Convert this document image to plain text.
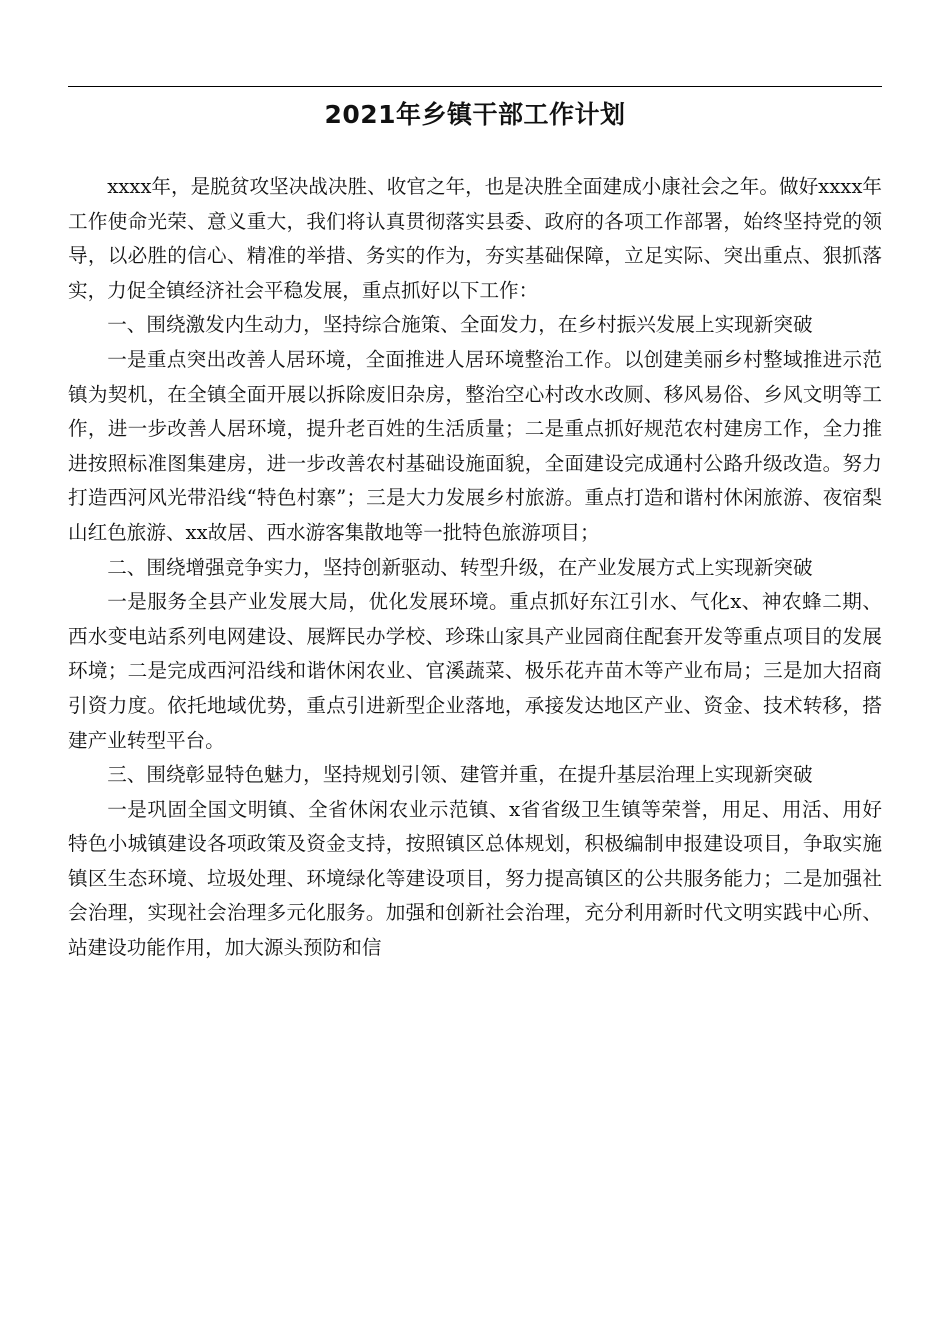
2021年乡镇干部工作计划

xxxx年，是脱贫攻坚决战决胜、收官之年，也是决胜全面建成小康社会之年。做好xxxx年工作使命光荣、意义重大，我们将认真贯彻落实县委、政府的各项工作部署，始终坚持党的领导，以必胜的信心、精准的举措、务实的作为，夯实基础保障，立足实际、突出重点、狠抓落实，力促全镇经济社会平稳发展，重点抓好以下工作：

一、围绕激发内生动力，坚持综合施策、全面发力，在乡村振兴发展上实现新突破

一是重点突出改善人居环境，全面推进人居环境整治工作。以创建美丽乡村整域推进示范镇为契机，在全镇全面开展以拆除废旧杂房，整治空心村改水改厕、移风易俗、乡风文明等工作，进一步改善人居环境，提升老百姓的生活质量；二是重点抓好规范农村建房工作，全力推进按照标准图集建房，进一步改善农村基础设施面貌，全面建设完成通村公路升级改造。努力打造西河风光带沿线“特色村寨”；三是大力发展乡村旅游。重点打造和谐村休闲旅游、夜宿梨山红色旅游、xx故居、西水游客集散地等一批特色旅游项目；

二、围绕增强竞争实力，坚持创新驱动、转型升级，在产业发展方式上实现新突破

一是服务全县产业发展大局，优化发展环境。重点抓好东江引水、气化x、神农蜂二期、西水变电站系列电网建设、展辉民办学校、珍珠山家具产业园商住配套开发等重点项目的发展环境；二是完成西河沿线和谐休闲农业、官溪蔬菜、极乐花卉苗木等产业布局；三是加大招商引资力度。依托地域优势，重点引进新型企业落地，承接发达地区产业、资金、技术转移，搭建产业转型平台。

三、围绕彰显特色魅力，坚持规划引领、建管并重，在提升基层治理上实现新突破

一是巩固全国文明镇、全省休闲农业示范镇、x省省级卫生镇等荣誉，用足、用活、用好特色小城镇建设各项政策及资金支持，按照镇区总体规划，积极编制申报建设项目，争取实施镇区生态环境、垃圾处理、环境绿化等建设项目，努力提高镇区的公共服务能力；二是加强社会治理，实现社会治理多元化服务。加强和创新社会治理，充分利用新时代文明实践中心所、站建设功能作用，加大源头预防和信
